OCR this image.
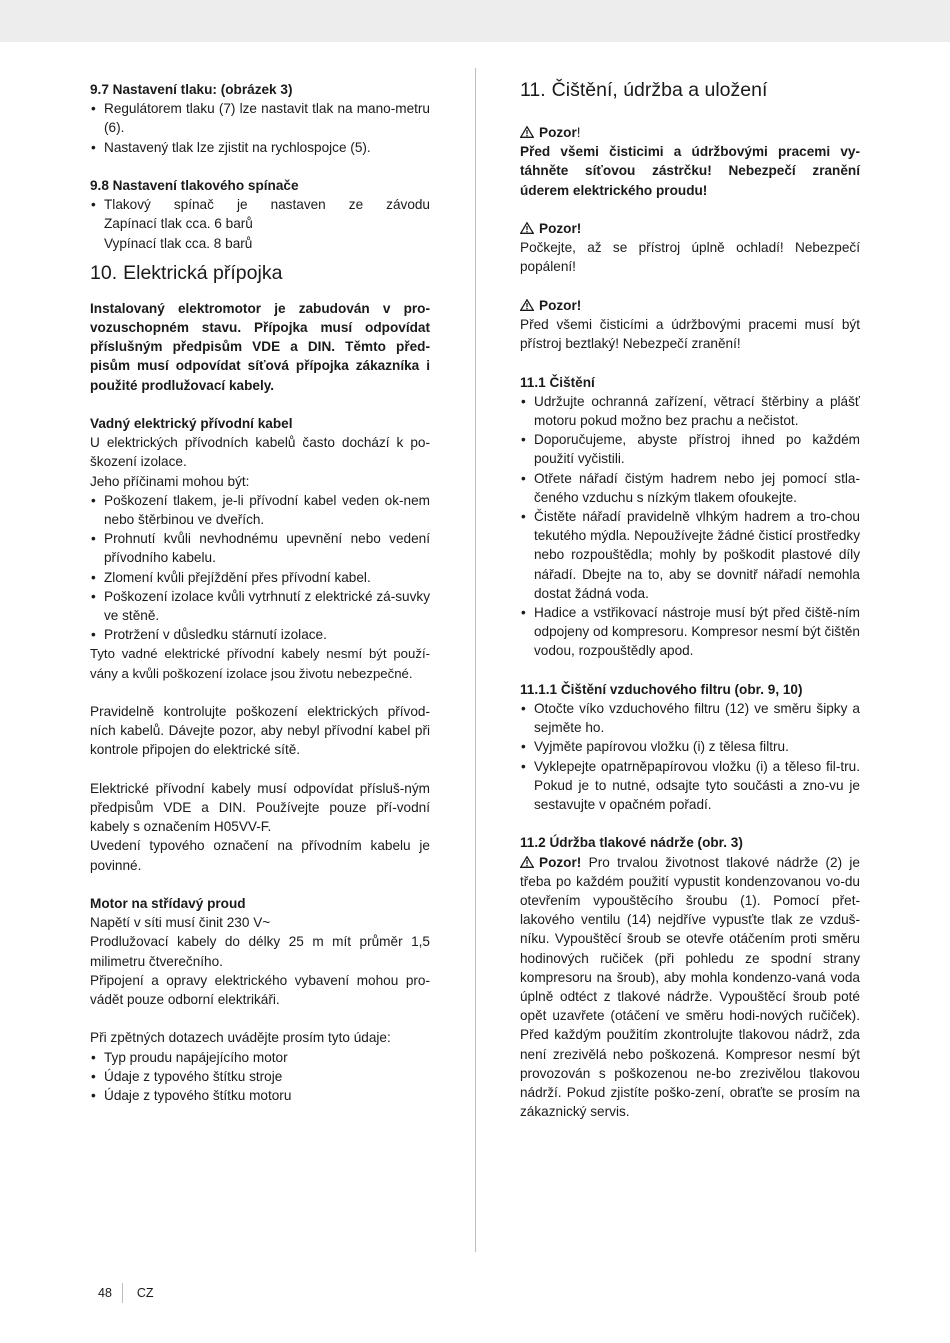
9.7 Nastavení tlaku: (obrázek 3)

• Regulátorem tlaku (7) lze nastavit tlak na mano-metru (6).
• Nastavený tlak lze zjistit na rychlospojce (5).

9.8 Nastavení tlakového spínače

• Tlakový spínač je nastaven ze závodu

Zapínací tlak cca. 6 barů

Vypínací tlak cca. 8 barů

10. Elektrická přípojka

Instalovaný elektromotor je zabudován v pro-vozuschopném stavu. Přípojka musí odpovídat příslušným předpisům VDE a DIN. Těmto před-pisům musí odpovídat síťová přípojka zákazníka i použité prodlužovací kabely.

Vadný elektrický přívodní kabel

U elektrických přívodních kabelů často dochází k po-škození izolace.

Jeho příčinami mohou být:

• Poškození tlakem, je-li přívodní kabel veden ok-nem nebo štěrbinou ve dveřích.
• Prohnutí kvůli nevhodnému upevnění nebo vedení přívodního kabelu.
• Zlomení kvůli přejíždění přes přívodní kabel.
• Poškození izolace kvůli vytrhnutí z elektrické zá-suvky ve stěně.
• Protržení v důsledku stárnutí izolace.

Tyto vadné elektrické přívodní kabely nesmí být použí-vány a kvůli poškození izolace jsou životu nebezpečné.

Pravidelně kontrolujte poškození elektrických přívod-ních kabelů. Dávejte pozor, aby nebyl přívodní kabel při kontrole připojen do elektrické sítě.

Elektrické přívodní kabely musí odpovídat přísluš-ným předpisům VDE a DIN. Používejte pouze pří-vodní kabely s označením H05VV-F.

Uvedení typového označení na přívodním kabelu je povinné.

Motor na střídavý proud

Napětí v síti musí činit 230 V~

Prodlužovací kabely do délky 25 m mít průměr 1,5 milimetru čtverečního.

Připojení a opravy elektrického vybavení mohou pro-vádět pouze odborní elektrikáři.

Při zpětných dotazech uvádějte prosím tyto údaje:

• Typ proudu napájejícího motor
• Údaje z typového štítku stroje
• Údaje z typového štítku motoru
11. Čištění, údržba a uložení

Pozor!

Před všemi čisticimi a údržbovými pracemi vy-táhněte síťovou zástrčku! Nebezpečí zranění úderem elektrického proudu!

Pozor!

Počkejte, až se přístroj úplně ochladí! Nebezpečí popálení!

Pozor!

Před všemi čisticími a údržbovými pracemi musí být přístroj beztlaký! Nebezpečí zranění!

11.1 Čištění

• Udržujte ochranná zařízení, větrací štěrbiny a plášť motoru pokud možno bez prachu a nečistot.
• Doporučujeme, abyste přístroj ihned po každém použití vyčistili.
• Otřete nářadí čistým hadrem nebo jej pomocí stla-čeného vzduchu s nízkým tlakem ofoukejte.
• Čistěte nářadí pravidelně vlhkým hadrem a tro-chou tekutého mýdla. Nepoužívejte žádné čisticí prostředky nebo rozpouštědla; mohly by poškodit plastové díly nářadí. Dbejte na to, aby se dovnitř nářadí nemohla dostat žádná voda.
• Hadice a vstřikovací nástroje musí být před čiště-ním odpojeny od kompresoru. Kompresor nesmí být čištěn vodou, rozpouštědly apod.

11.1.1 Čištění vzduchového filtru (obr. 9, 10)

• Otočte víko vzduchového filtru (12) ve směru šipky a sejměte ho.
• Vyjměte papírovou vložku (i) z tělesa filtru.
• Vyklepejte opatrněpapírovou vložku (i) a těleso fil-tru. Pokud je to nutné, odsajte tyto součásti a zno-vu je sestavujte v opačném pořadí.

11.2 Údržba tlakové nádrže (obr. 3)

Pozor! Pro trvalou životnost tlakové nádrže (2) je třeba po každém použití vypustit kondenzovanou vo-du otevřením vypouštěcího šroubu (1). Pomocí přet-lakového ventilu (14) nejdříve vypusťte tlak ze vzduš-níku. Vypouštěcí šroub se otevře otáčením proti směru hodinových ručiček (při pohledu ze spodní strany kompresoru na šroub), aby mohla kondenzo-vaná voda úplně odtéct z tlakové nádrže. Vypouštěcí šroub poté opět uzavřete (otáčení ve směru hodi-nových ručiček). Před každým použitím zkontrolujte tlakovou nádrž, zda není zrezivělá nebo poškozená. Kompresor nesmí být provozován s poškozenou ne-bo zrezivělou tlakovou nádrží. Pokud zjistíte poško-zení, obraťte se prosím na zákaznický servis.

48 CZ
